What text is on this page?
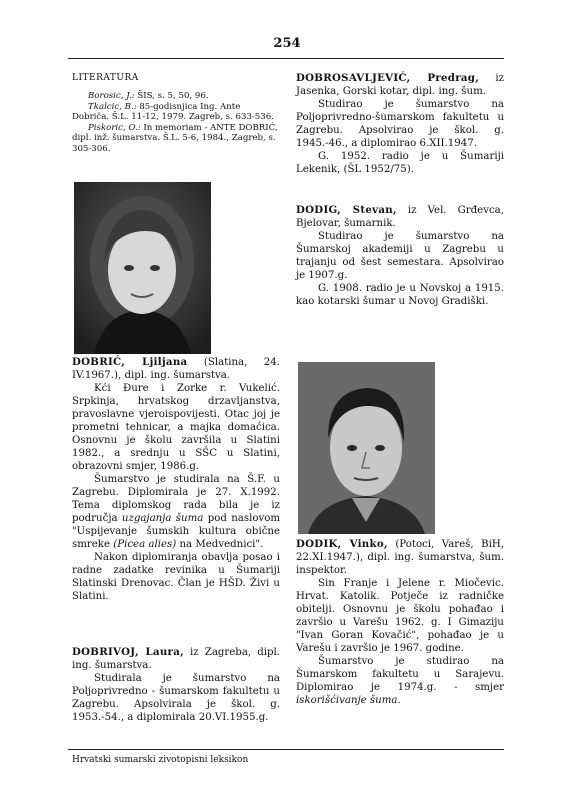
254
LITERATURA

Borosic, J.: ŠIS, s. 5, 50, 96.

Tkalcic, B.: 85-godisnjica Ing. Ante Dobriča. Š.L. 11-12, 1979. Zagreb, s. 633-536.

Piskoric, O.: In memoriam - ANTE DOBRIĆ, dipl. inž. šumarstva. Š.L. 5-6, 1984., Zagreb, s. 305-306.

DOBRIĆ, Ljiljana (Slatina, 24. IV.1967.), dipl. ing. šumarstva.

Kći Đure i Zorke r. Vukelić. Srpkinja, hrvatskog drzavljanstva, pravoslavne vjeroispovijesti. Otac joj je prometni tehnicar, a majka domaćica. Osnovnu je školu završila u Slatini 1982., a srednju u SŠC u Slatini, obrazovni smjer, 1986.g.

Šumarstvo je studirala na Š.F. u Zagrebu. Diplomirala je 27. X.1992. Tema diplomskog rada bila je iz područja uzgajanja šuma pod naslovom "Uspijevanje šumskih kultura obične smreke (Picea alies) na Medvednici".

Nakon diplomiranja obavlja posao i radne zadatke revinika u Šumariji Slatinski Drenovac. Član je HŠD. Živi u Slatini.

DOBRIVOJ, Laura, iz Zagreba, dipl. ing. šumarstva.

Studirala je šumarstvo na Poljoprivredno - šumarskom fakultetu u Zagrebu. Apsolvirala je škol. g. 1953.-54., a diplomirala 20.VI.1955.g.

DOBROSAVLJEVIĆ, Predrag, iz Jasenka, Gorski kotar, dipl. ing. šum.

Studirao je šumarstvo na Poljoprivredno-šumarskom fakultetu u Zagrebu. Apsolvirao je škol. g. 1945.-46., a diplomirao 6.XII.1947.

G. 1952. radio je u Šumariji Lekenik, (ŠL 1952/75).

DODIG, Stevan, iz Vel. Grđevca, Bjelovar, šumarnik.

Studirao je šumarstvo na Šumarskoj akademiji u Zagrebu u trajanju od šest semestara. Apsolvirao je 1907.g.

G. 1908. radio je u Novskoj a 1915. kao kotarski šumar u Novoj Gradiški.

DODIK, Vinko, (Potoci, Vareš, BiH, 22.XI.1947.), dipl. ing. šumarstva, šum. inspektor.

Sin Franje i Jelene r. Miočevic. Hrvat. Katolik. Potječe iz radničke obitelji. Osnovnu je školu pohađao i završio u Varešu 1962. g. I Gimaziju "Ivan Goran Kovačić", pohađao je u Varešu i završio je 1967. godine.

Šumarstvo je studirao na Šumarskom fakultetu u Sarajevu. Diplomirao je 1974.g. - smjer iskorišćivanje šuma.

Hrvatski sumarski zivotopisni leksikon
